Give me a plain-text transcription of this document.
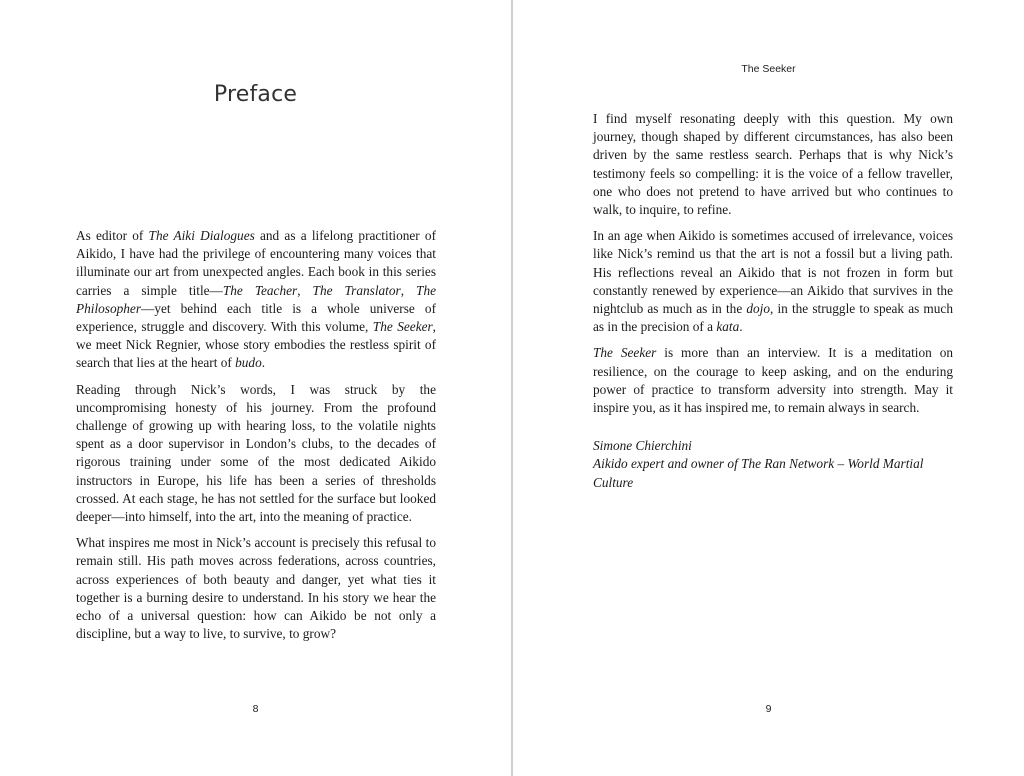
Preface

As editor of The Aiki Dialogues and as a lifelong practitioner of Aikido, I have had the privilege of encountering many voices that illuminate our art from unexpected angles. Each book in this series carries a simple title—The Teacher, The Translator, The Philosopher—yet behind each title is a whole universe of experience, struggle and discovery. With this volume, The Seeker, we meet Nick Regnier, whose story embodies the restless spirit of search that lies at the heart of budo.

Reading through Nick’s words, I was struck by the uncompromising honesty of his journey. From the profound challenge of growing up with hearing loss, to the volatile nights spent as a door supervisor in London’s clubs, to the decades of rigorous training under some of the most dedicated Aikido instructors in Europe, his life has been a series of thresholds crossed. At each stage, he has not settled for the surface but looked deeper—into himself, into the art, into the meaning of practice.

What inspires me most in Nick’s account is precisely this refusal to remain still. His path moves across federations, across countries, across experiences of both beauty and danger, yet what ties it together is a burning desire to understand. In his story we hear the echo of a universal question: how can Aikido be not only a discipline, but a way to live, to survive, to grow?

8
The Seeker

I find myself resonating deeply with this question. My own journey, though shaped by different circumstances, has also been driven by the same restless search. Perhaps that is why Nick’s testimony feels so compelling: it is the voice of a fellow traveller, one who does not pretend to have arrived but who continues to walk, to inquire, to refine.

In an age when Aikido is sometimes accused of irrelevance, voices like Nick’s remind us that the art is not a fossil but a living path. His reflections reveal an Aikido that is not frozen in form but constantly renewed by experience—an Aikido that survives in the nightclub as much as in the dojo, in the struggle to speak as much as in the precision of a kata.

The Seeker is more than an interview. It is a meditation on resilience, on the courage to keep asking, and on the enduring power of practice to transform adversity into strength. May it inspire you, as it has inspired me, to remain always in search.

Simone Chierchini
Aikido expert and owner of The Ran Network – World Martial Culture
9
